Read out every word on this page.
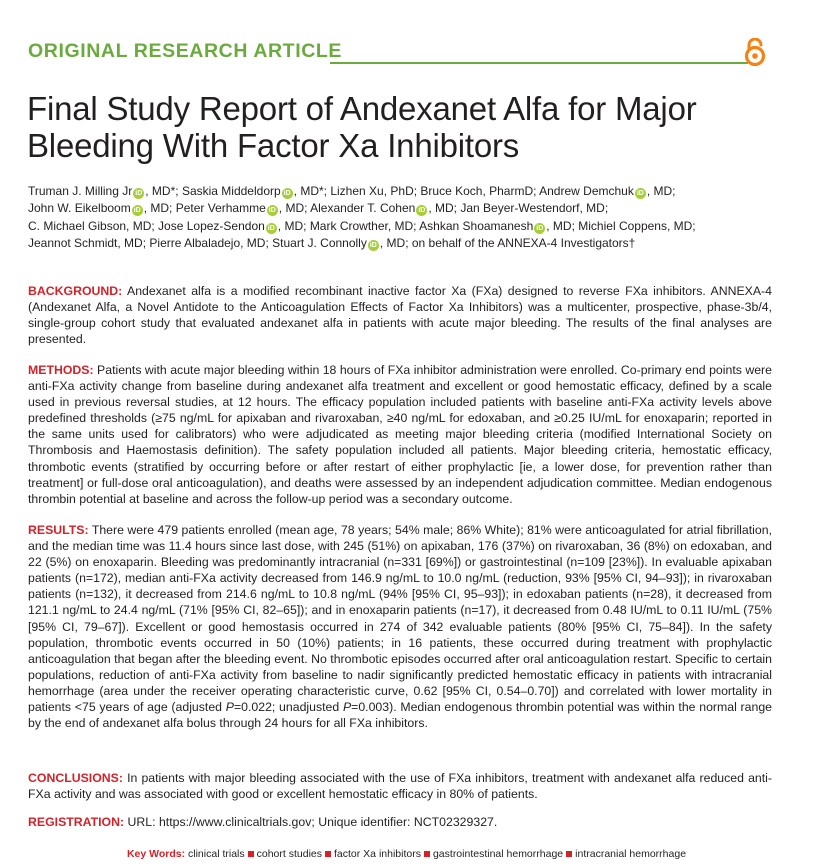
ORIGINAL RESEARCH ARTICLE
Final Study Report of Andexanet Alfa for Major
Bleeding With Factor Xa Inhibitors
Truman J. Milling Jr iD , MD*; Saskia Middeldorp iD , MD*; Lizhen Xu, PhD; Bruce Koch, PharmD; Andrew Demchuk iD , MD;
John W. Eikelboom iD , MD; Peter Verhamme iD , MD; Alexander T. Cohen iD , MD; Jan Beyer-Westendorf, MD;
C. Michael Gibson, MD; Jose Lopez-Sendon iD , MD; Mark Crowther, MD; Ashkan Shoamanesh iD , MD; Michiel Coppens, MD;
Jeannot Schmidt, MD; Pierre Albaladejo, MD; Stuart J. Connolly iD , MD; on behalf of the ANNEXA-4 Investigators†
BACKGROUND: Andexanet alfa is a modified recombinant inactive factor Xa (FXa) designed to reverse FXa inhibitors. ANNEXA-4 (Andexanet Alfa, a Novel Antidote to the Anticoagulation Effects of Factor Xa Inhibitors) was a multicenter, prospective, phase-3b/4, single-group cohort study that evaluated andexanet alfa in patients with acute major bleeding. The results of the final analyses are presented.
METHODS: Patients with acute major bleeding within 18 hours of FXa inhibitor administration were enrolled. Co-primary end points were anti-FXa activity change from baseline during andexanet alfa treatment and excellent or good hemostatic efficacy, defined by a scale used in previous reversal studies, at 12 hours. The efficacy population included patients with baseline anti-FXa activity levels above predefined thresholds (≥75 ng/mL for apixaban and rivaroxaban, ≥40 ng/mL for edoxaban, and ≥0.25 IU/mL for enoxaparin; reported in the same units used for calibrators) who were adjudicated as meeting major bleeding criteria (modified International Society on Thrombosis and Haemostasis definition). The safety population included all patients. Major bleeding criteria, hemostatic efficacy, thrombotic events (stratified by occurring before or after restart of either prophylactic [ie, a lower dose, for prevention rather than treatment] or full-dose oral anticoagulation), and deaths were assessed by an independent adjudication committee. Median endogenous thrombin potential at baseline and across the follow-up period was a secondary outcome.
RESULTS: There were 479 patients enrolled (mean age, 78 years; 54% male; 86% White); 81% were anticoagulated for atrial fibrillation, and the median time was 11.4 hours since last dose, with 245 (51%) on apixaban, 176 (37%) on rivaroxaban, 36 (8%) on edoxaban, and 22 (5%) on enoxaparin. Bleeding was predominantly intracranial (n=331 [69%]) or gastrointestinal (n=109 [23%]). In evaluable apixaban patients (n=172), median anti-FXa activity decreased from 146.9 ng/mL to 10.0 ng/mL (reduction, 93% [95% CI, 94–93]); in rivaroxaban patients (n=132), it decreased from 214.6 ng/mL to 10.8 ng/mL (94% [95% CI, 95–93]); in edoxaban patients (n=28), it decreased from 121.1 ng/mL to 24.4 ng/mL (71% [95% CI, 82–65]); and in enoxaparin patients (n=17), it decreased from 0.48 IU/mL to 0.11 IU/mL (75% [95% CI, 79–67]). Excellent or good hemostasis occurred in 274 of 342 evaluable patients (80% [95% CI, 75–84]). In the safety population, thrombotic events occurred in 50 (10%) patients; in 16 patients, these occurred during treatment with prophylactic anticoagulation that began after the bleeding event. No thrombotic episodes occurred after oral anticoagulation restart. Specific to certain populations, reduction of anti-FXa activity from baseline to nadir significantly predicted hemostatic efficacy in patients with intracranial hemorrhage (area under the receiver operating characteristic curve, 0.62 [95% CI, 0.54–0.70]) and correlated with lower mortality in patients <75 years of age (adjusted P=0.022; unadjusted P=0.003). Median endogenous thrombin potential was within the normal range by the end of andexanet alfa bolus through 24 hours for all FXa inhibitors.
CONCLUSIONS: In patients with major bleeding associated with the use of FXa inhibitors, treatment with andexanet alfa reduced anti-FXa activity and was associated with good or excellent hemostatic efficacy in 80% of patients.
REGISTRATION: URL: https://www.clinicaltrials.gov; Unique identifier: NCT02329327.
Key Words: clinical trials cohort studies factor Xa inhibitors gastrointestinal hemorrhage intracranial hemorrhage
